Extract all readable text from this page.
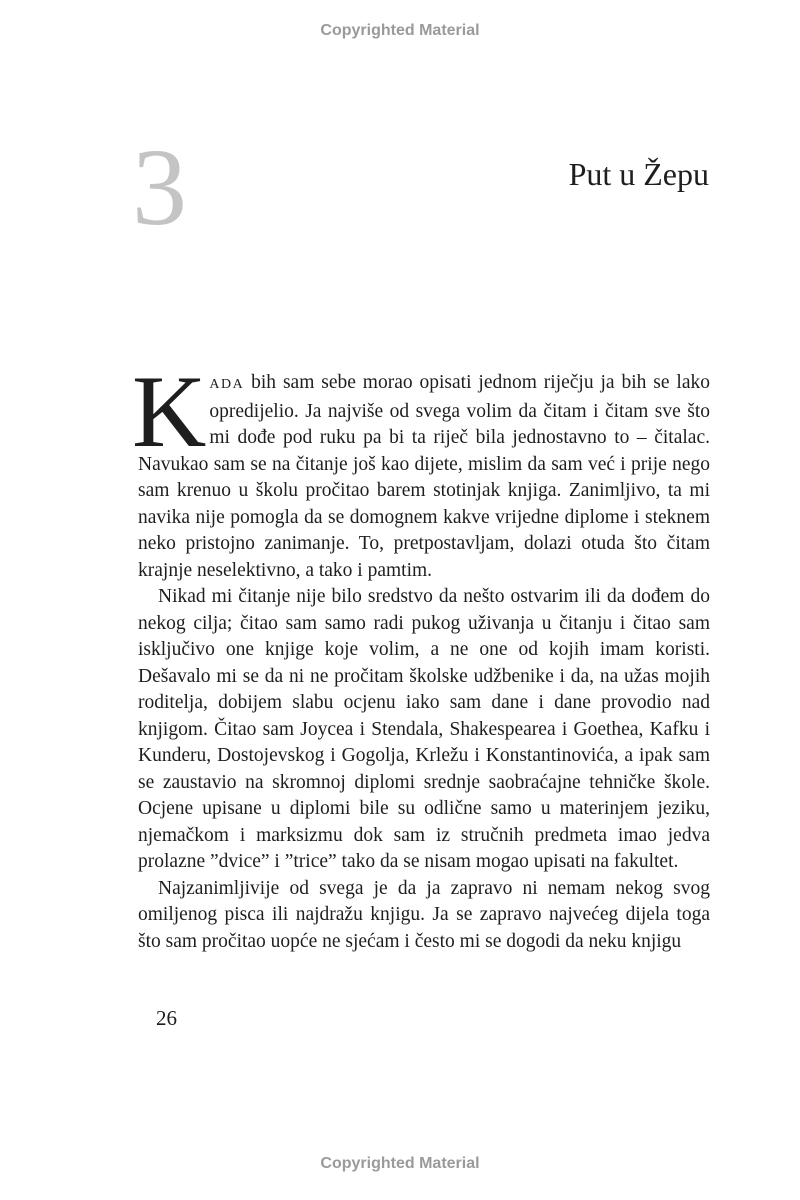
Copyrighted Material
3	Put u Žepu

KADA bih sam sebe morao opisati jednom riječju ja bih se lako opredijelio. Ja najviše od svega volim da čitam i čitam sve što mi dođe pod ruku pa bi ta riječ bila jednostavno to – čitalac. Navukao sam se na čitanje još kao dijete, mislim da sam već i prije nego sam krenuo u školu pročitao barem stotinjak knjiga. Zanimljivo, ta mi navika nije pomogla da se domognem kakve vrijedne diplome i steknem neko pristojno zanimanje. To, pretpostavljam, dolazi otuda što čitam krajnje neselektivno, a tako i pamtim.

Nikad mi čitanje nije bilo sredstvo da nešto ostvarim ili da dođem do nekog cilja; čitao sam samo radi pukog uživanja u čitanju i čitao sam isključivo one knjige koje volim, a ne one od kojih imam koristi. Dešavalo mi se da ni ne pročitam školske udžbenike i da, na užas mojih roditelja, dobijem slabu ocjenu iako sam dane i dane provodio nad knjigom. Čitao sam Joycea i Stendala, Shakespearea i Goethea, Kafku i Kunderu, Dostojevskog i Gogolja, Krležu i Konstantinovića, a ipak sam se zaustavio na skromnoj diplomi srednje saobraćajne tehničke škole. Ocjene upisane u diplomi bile su odlične samo u materinjem jeziku, njemačkom i marksizmu dok sam iz stručnih predmeta imao jedva prolazne ”dvice” i ”trice” tako da se nisam mogao upisati na fakultet.

Najzanimljivije od svega je da ja zapravo ni nemam nekog svog omiljenog pisca ili najdražu knjigu. Ja se zapravo najvećeg dijela toga što sam pročitao uopće ne sjećam i često mi se dogodi da neku knjigu

26
Copyrighted Material
